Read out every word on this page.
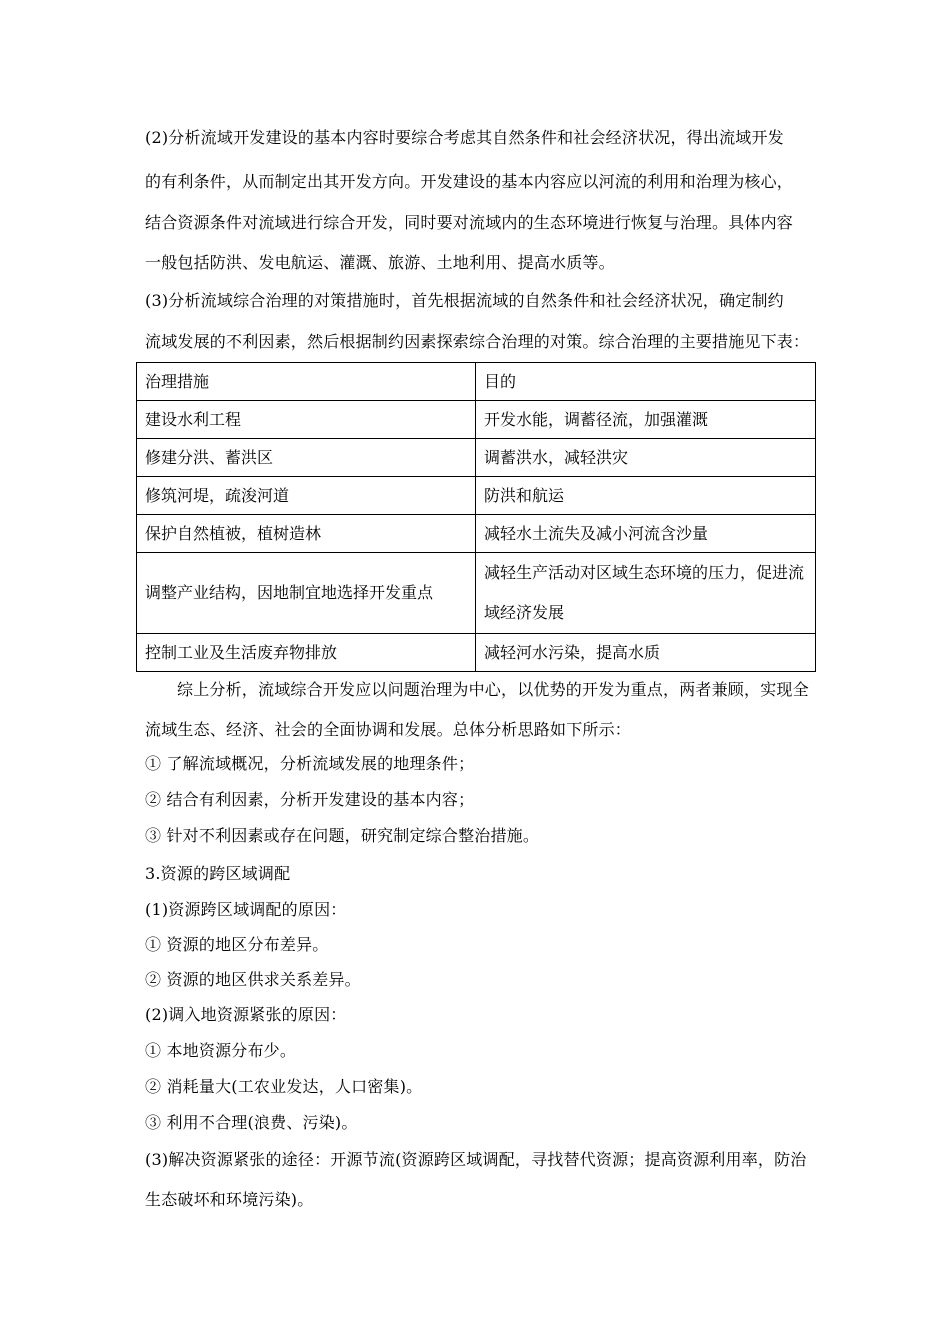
(2)分析流域开发建设的基本内容时要综合考虑其自然条件和社会经济状况，得出流域开发
的有利条件，从而制定出其开发方向。开发建设的基本内容应以河流的利用和治理为核心，
结合资源条件对流域进行综合开发，同时要对流域内的生态环境进行恢复与治理。具体内容
一般包括防洪、发电航运、灌溉、旅游、土地利用、提高水质等。
(3)分析流域综合治理的对策措施时，首先根据流域的自然条件和社会经济状况，确定制约
流域发展的不利因素，然后根据制约因素探索综合治理的对策。综合治理的主要措施见下表：
治理措施	目的
建设水利工程	开发水能，调蓄径流，加强灌溉
修建分洪、蓄洪区	调蓄洪水，减轻洪灾
修筑河堤，疏浚河道	防洪和航运
保护自然植被，植树造林	减轻水土流失及减小河流含沙量
调整产业结构，因地制宜地选择开发重点	减轻生产活动对区域生态环境的压力，促进流域经济发展
控制工业及生活废弃物排放	减轻河水污染，提高水质
综上分析，流域综合开发应以问题治理为中心，以优势的开发为重点，两者兼顾，实现全
流域生态、经济、社会的全面协调和发展。总体分析思路如下所示：
① 了解流域概况，分析流域发展的地理条件；
② 结合有利因素，分析开发建设的基本内容；
③ 针对不利因素或存在问题，研究制定综合整治措施。
3.资源的跨区域调配
(1)资源跨区域调配的原因：
① 资源的地区分布差异。
② 资源的地区供求关系差异。
(2)调入地资源紧张的原因：
① 本地资源分布少。
② 消耗量大(工农业发达，人口密集)。
③ 利用不合理(浪费、污染)。
(3)解决资源紧张的途径：开源节流(资源跨区域调配，寻找替代资源；提高资源利用率，防治
生态破坏和环境污染)。
